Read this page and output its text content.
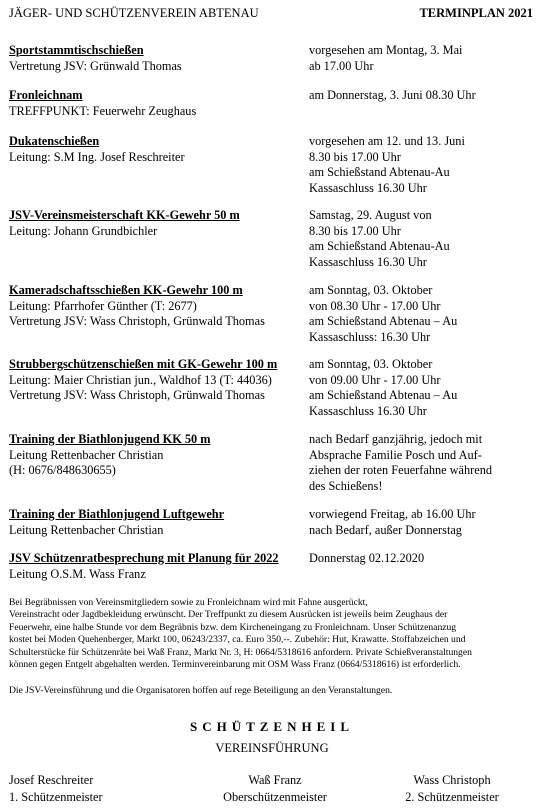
JÄGER- UND SCHÜTZENVEREIN ABTENAU	TERMINPLAN 2021
Sportstammtischschießen
Vertretung JSV: Grünwald Thomas
vorgesehen am Montag, 3. Mai
ab 17.00 Uhr
Fronleichnam
TREFFPUNKT: Feuerwehr Zeughaus
am Donnerstag, 3. Juni 08.30 Uhr
Dukatenschießen
Leitung: S.M Ing. Josef Reschreiter
vorgesehen am 12. und 13. Juni
8.30 bis 17.00 Uhr
am Schießstand Abtenau-Au
Kassaschluss 16.30 Uhr
JSV-Vereinsmeisterschaft KK-Gewehr 50 m
Leitung: Johann Grundbichler
Samstag, 29. August von
8.30 bis 17.00 Uhr
am Schießstand Abtenau-Au
Kassaschluss 16.30 Uhr
Kameradschaftsschießen KK-Gewehr 100 m
Leitung: Pfarrhofer Günther (T: 2677)
Vertretung JSV: Wass Christoph, Grünwald Thomas
am Sonntag, 03. Oktober
von 08.30 Uhr - 17.00 Uhr
am Schießstand Abtenau – Au
Kassaschluss: 16.30 Uhr
Strubbergschützenschießen mit GK-Gewehr 100 m
Leitung: Maier Christian jun., Waldhof 13 (T: 44036)
Vertretung JSV: Wass Christoph, Grünwald Thomas
am Sonntag, 03. Oktober
von 09.00 Uhr - 17.00 Uhr
am Schießstand Abtenau – Au
Kassaschluss 16.30 Uhr
Training der Biathlonjugend KK 50 m
Leitung Rettenbacher Christian
(H: 0676/848630655)
nach Bedarf ganzjährig, jedoch mit
Absprache Familie Posch und Auf-
ziehen der roten Feuerfahne während
des Schießens!
Training der Biathlonjugend Luftgewehr
Leitung Rettenbacher Christian
vorwiegend Freitag, ab 16.00 Uhr
nach Bedarf, außer Donnerstag
JSV Schützenratbesprechung mit Planung für 2022
Leitung O.S.M. Wass Franz
Donnerstag 02.12.2020
Bei Begräbnissen von Vereinsmitgliedern sowie zu Fronleichnam wird mit Fahne ausgerückt,
Vereinstracht oder Jagdbekleidung erwünscht. Der Treffpunkt zu diesem Ausrücken ist jeweils beim Zeughaus der
Feuerwehr, eine halbe Stunde vor dem Begräbnis bzw. dem Kircheneingang zu Fronleichnam. Unser Schützenanzug
kostet bei Moden Quehenberger, Markt 100, 06243/2337, ca. Euro 350,--. Zubehör: Hut, Krawatte. Stoffabzeichen und
Schulterstücke für Schützenräte bei Waß Franz, Markt Nr. 3, H: 0664/5318616 anfordern. Private Schießveranstaltungen
können gegen Entgelt abgehalten werden. Terminvereinbarung mit OSM Wass Franz (0664/5318616) ist erforderlich.
Die JSV-Vereinsführung und die Organisatoren hoffen auf rege Beteiligung an den Veranstaltungen.
SCHÜTZENHEIL
VEREINSFÜHRUNG
Josef Reschreiter
1. Schützenmeister
Waß Franz
Oberschützenmeister
Wass Christoph
2. Schützenmeister
